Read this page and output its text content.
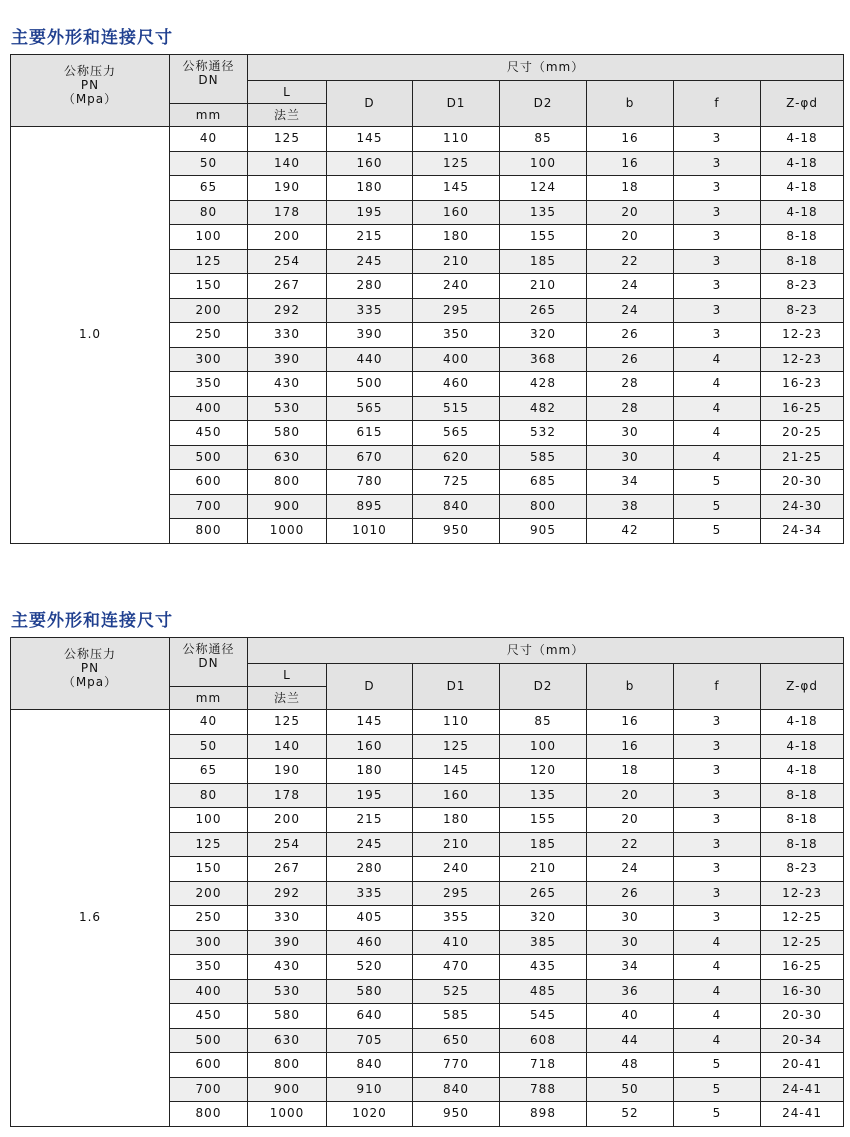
主要外形和连接尺寸
公称压力
PN
（Mpa）	公称通径
DN	尺寸（mm）						
		L	D	D1	D2	b	f	Z-φd
	mm	法兰						
1.0	40	125	145	110	85	16	3	4-18
	50	140	160	125	100	16	3	4-18
	65	190	180	145	124	18	3	4-18
	80	178	195	160	135	20	3	4-18
	100	200	215	180	155	20	3	8-18
	125	254	245	210	185	22	3	8-18
	150	267	280	240	210	24	3	8-23
	200	292	335	295	265	24	3	8-23
	250	330	390	350	320	26	3	12-23
	300	390	440	400	368	26	4	12-23
	350	430	500	460	428	28	4	16-23
	400	530	565	515	482	28	4	16-25
	450	580	615	565	532	30	4	20-25
	500	630	670	620	585	30	4	21-25
	600	800	780	725	685	34	5	20-30
	700	900	895	840	800	38	5	24-30
	800	1000	1010	950	905	42	5	24-34
主要外形和连接尺寸
公称压力
PN
（Mpa）	公称通径
DN	尺寸（mm）						
		L	D	D1	D2	b	f	Z-φd
	mm	法兰						
1.6	40	125	145	110	85	16	3	4-18
	50	140	160	125	100	16	3	4-18
	65	190	180	145	120	18	3	4-18
	80	178	195	160	135	20	3	8-18
	100	200	215	180	155	20	3	8-18
	125	254	245	210	185	22	3	8-18
	150	267	280	240	210	24	3	8-23
	200	292	335	295	265	26	3	12-23
	250	330	405	355	320	30	3	12-25
	300	390	460	410	385	30	4	12-25
	350	430	520	470	435	34	4	16-25
	400	530	580	525	485	36	4	16-30
	450	580	640	585	545	40	4	20-30
	500	630	705	650	608	44	4	20-34
	600	800	840	770	718	48	5	20-41
	700	900	910	840	788	50	5	24-41
	800	1000	1020	950	898	52	5	24-41
